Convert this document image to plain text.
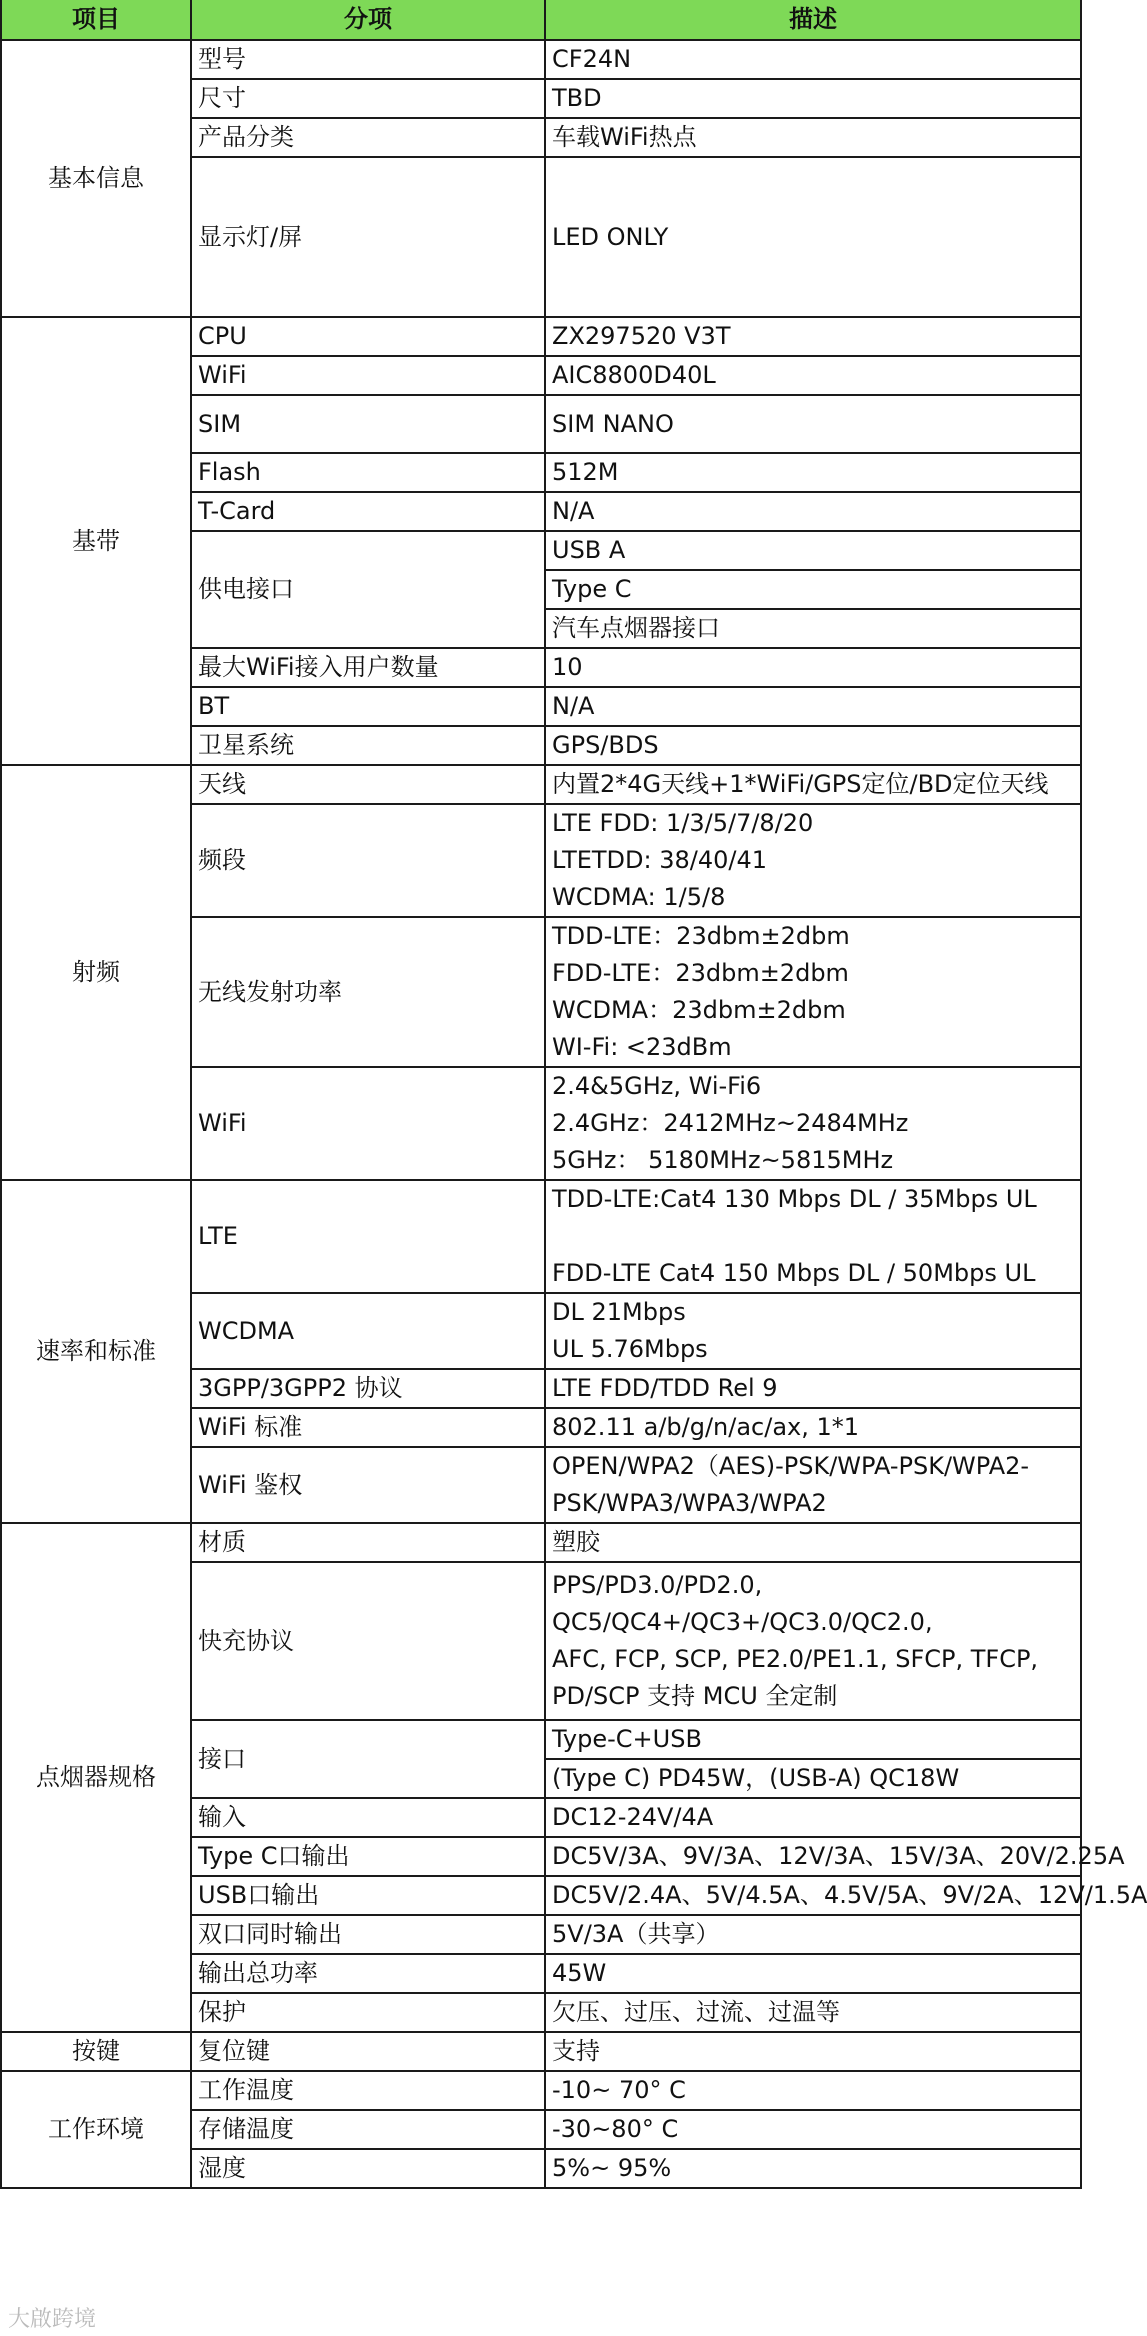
项目	分项	描述
基本信息	型号	CF24N
	尺寸	TBD
	产品分类	车载WiFi热点
	显示灯/屏	LED ONLY
基带	CPU	ZX297520 V3T
	WiFi	AIC8800D40L
	SIM	SIM NANO
	Flash	512M
	T-Card	N/A
	供电接口	USB A
		Type C
		汽车点烟器接口
	最大WiFi接入用户数量	10
	BT	N/A
	卫星系统	GPS/BDS
射频	天线	内置2*4G天线+1*WiFi/GPS定位/BD定位天线
	频段	LTE FDD: 1/3/5/7/8/20
LTETDD: 38/40/41
WCDMA: 1/5/8

	无线发射功率	TDD-LTE：23dbm±2dbm
FDD-LTE：23dbm±2dbm
WCDMA：23dbm±2dbm
WI-Fi: <23dBm

	WiFi	2.4&5GHz, Wi-Fi6
2.4GHz：2412MHz~2484MHz
5GHz： 5180MHz~5815MHz

速率和标准	LTE	TDD-LTE:Cat4 130 Mbps DL / 35Mbps UL
FDD-LTE Cat4 150 Mbps DL / 50Mbps UL

	WCDMA	DL 21Mbps
UL 5.76Mbps

	3GPP/3GPP2 协议	LTE FDD/TDD Rel 9
	WiFi 标准	802.11 a/b/g/n/ac/ax, 1*1
	WiFi 鉴权	OPEN/WPA2（AES)-PSK/WPA-PSK/WPA2-
PSK/WPA3/WPA3/WPA2

点烟器规格	材质	塑胶
	快充协议	PPS/PD3.0/PD2.0,
QC5/QC4+/QC3+/QC3.0/QC2.0,
AFC, FCP, SCP, PE2.0/PE1.1, SFCP, TFCP,
PD/SCP 支持 MCU 全定制

	接口	Type-C+USB
		(Type C) PD45W，(USB-A) QC18W
	输入	DC12-24V/4A
	Type C口输出	DC5V/3A、9V/3A、12V/3A、15V/3A、20V/2.25A
	USB口输出	DC5V/2.4A、5V/4.5A、4.5V/5A、9V/2A、12V/1.5A
	双口同时输出	5V/3A（共享）
	输出总功率	45W
	保护	欠压、过压、过流、过温等
按键	复位键	支持
工作环境	工作温度	-10~ 70° C
	存储温度	-30~80° C
	湿度	5%~ 95%
大啟跨境
